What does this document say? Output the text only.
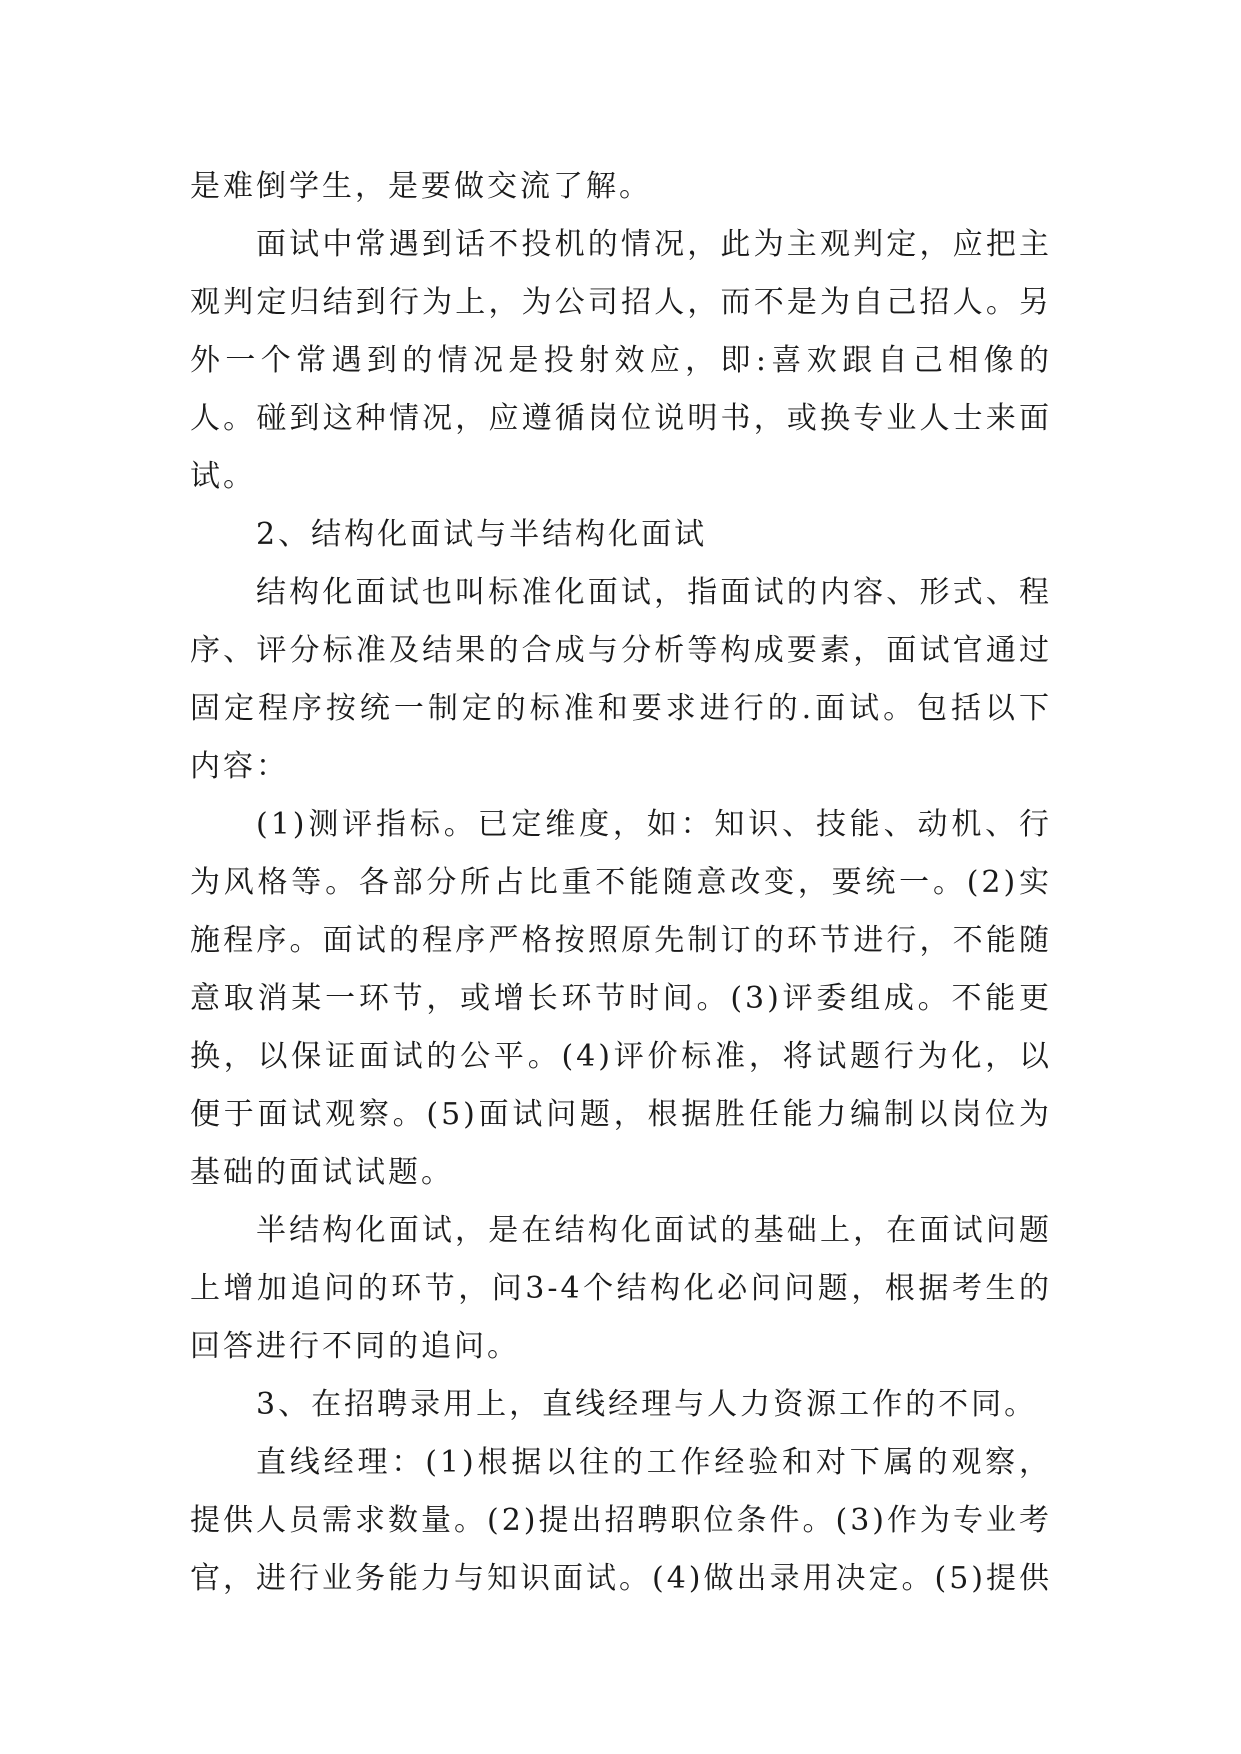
是难倒学生，是要做交流了解。

面试中常遇到话不投机的情况，此为主观判定，应把主观判定归结到行为上，为公司招人，而不是为自己招人。另外一个常遇到的情况是投射效应，即:喜欢跟自己相像的人。碰到这种情况，应遵循岗位说明书，或换专业人士来面试。

2、结构化面试与半结构化面试

结构化面试也叫标准化面试，指面试的内容、形式、程序、评分标准及结果的合成与分析等构成要素，面试官通过固定程序按统一制定的标准和要求进行的.面试。包括以下内容：

(1)测评指标。已定维度，如：知识、技能、动机、行为风格等。各部分所占比重不能随意改变，要统一。(2)实施程序。面试的程序严格按照原先制订的环节进行，不能随意取消某一环节，或增长环节时间。(3)评委组成。不能更换，以保证面试的公平。(4)评价标准，将试题行为化，以便于面试观察。(5)面试问题，根据胜任能力编制以岗位为基础的面试试题。

半结构化面试，是在结构化面试的基础上，在面试问题上增加追问的环节，问3-4个结构化必问问题，根据考生的回答进行不同的追问。

3、在招聘录用上，直线经理与人力资源工作的不同。

直线经理：(1)根据以往的工作经验和对下属的观察，提供人员需求数量。(2)提出招聘职位条件。(3)作为专业考官，进行业务能力与知识面试。(4)做出录用决定。(5)提供
